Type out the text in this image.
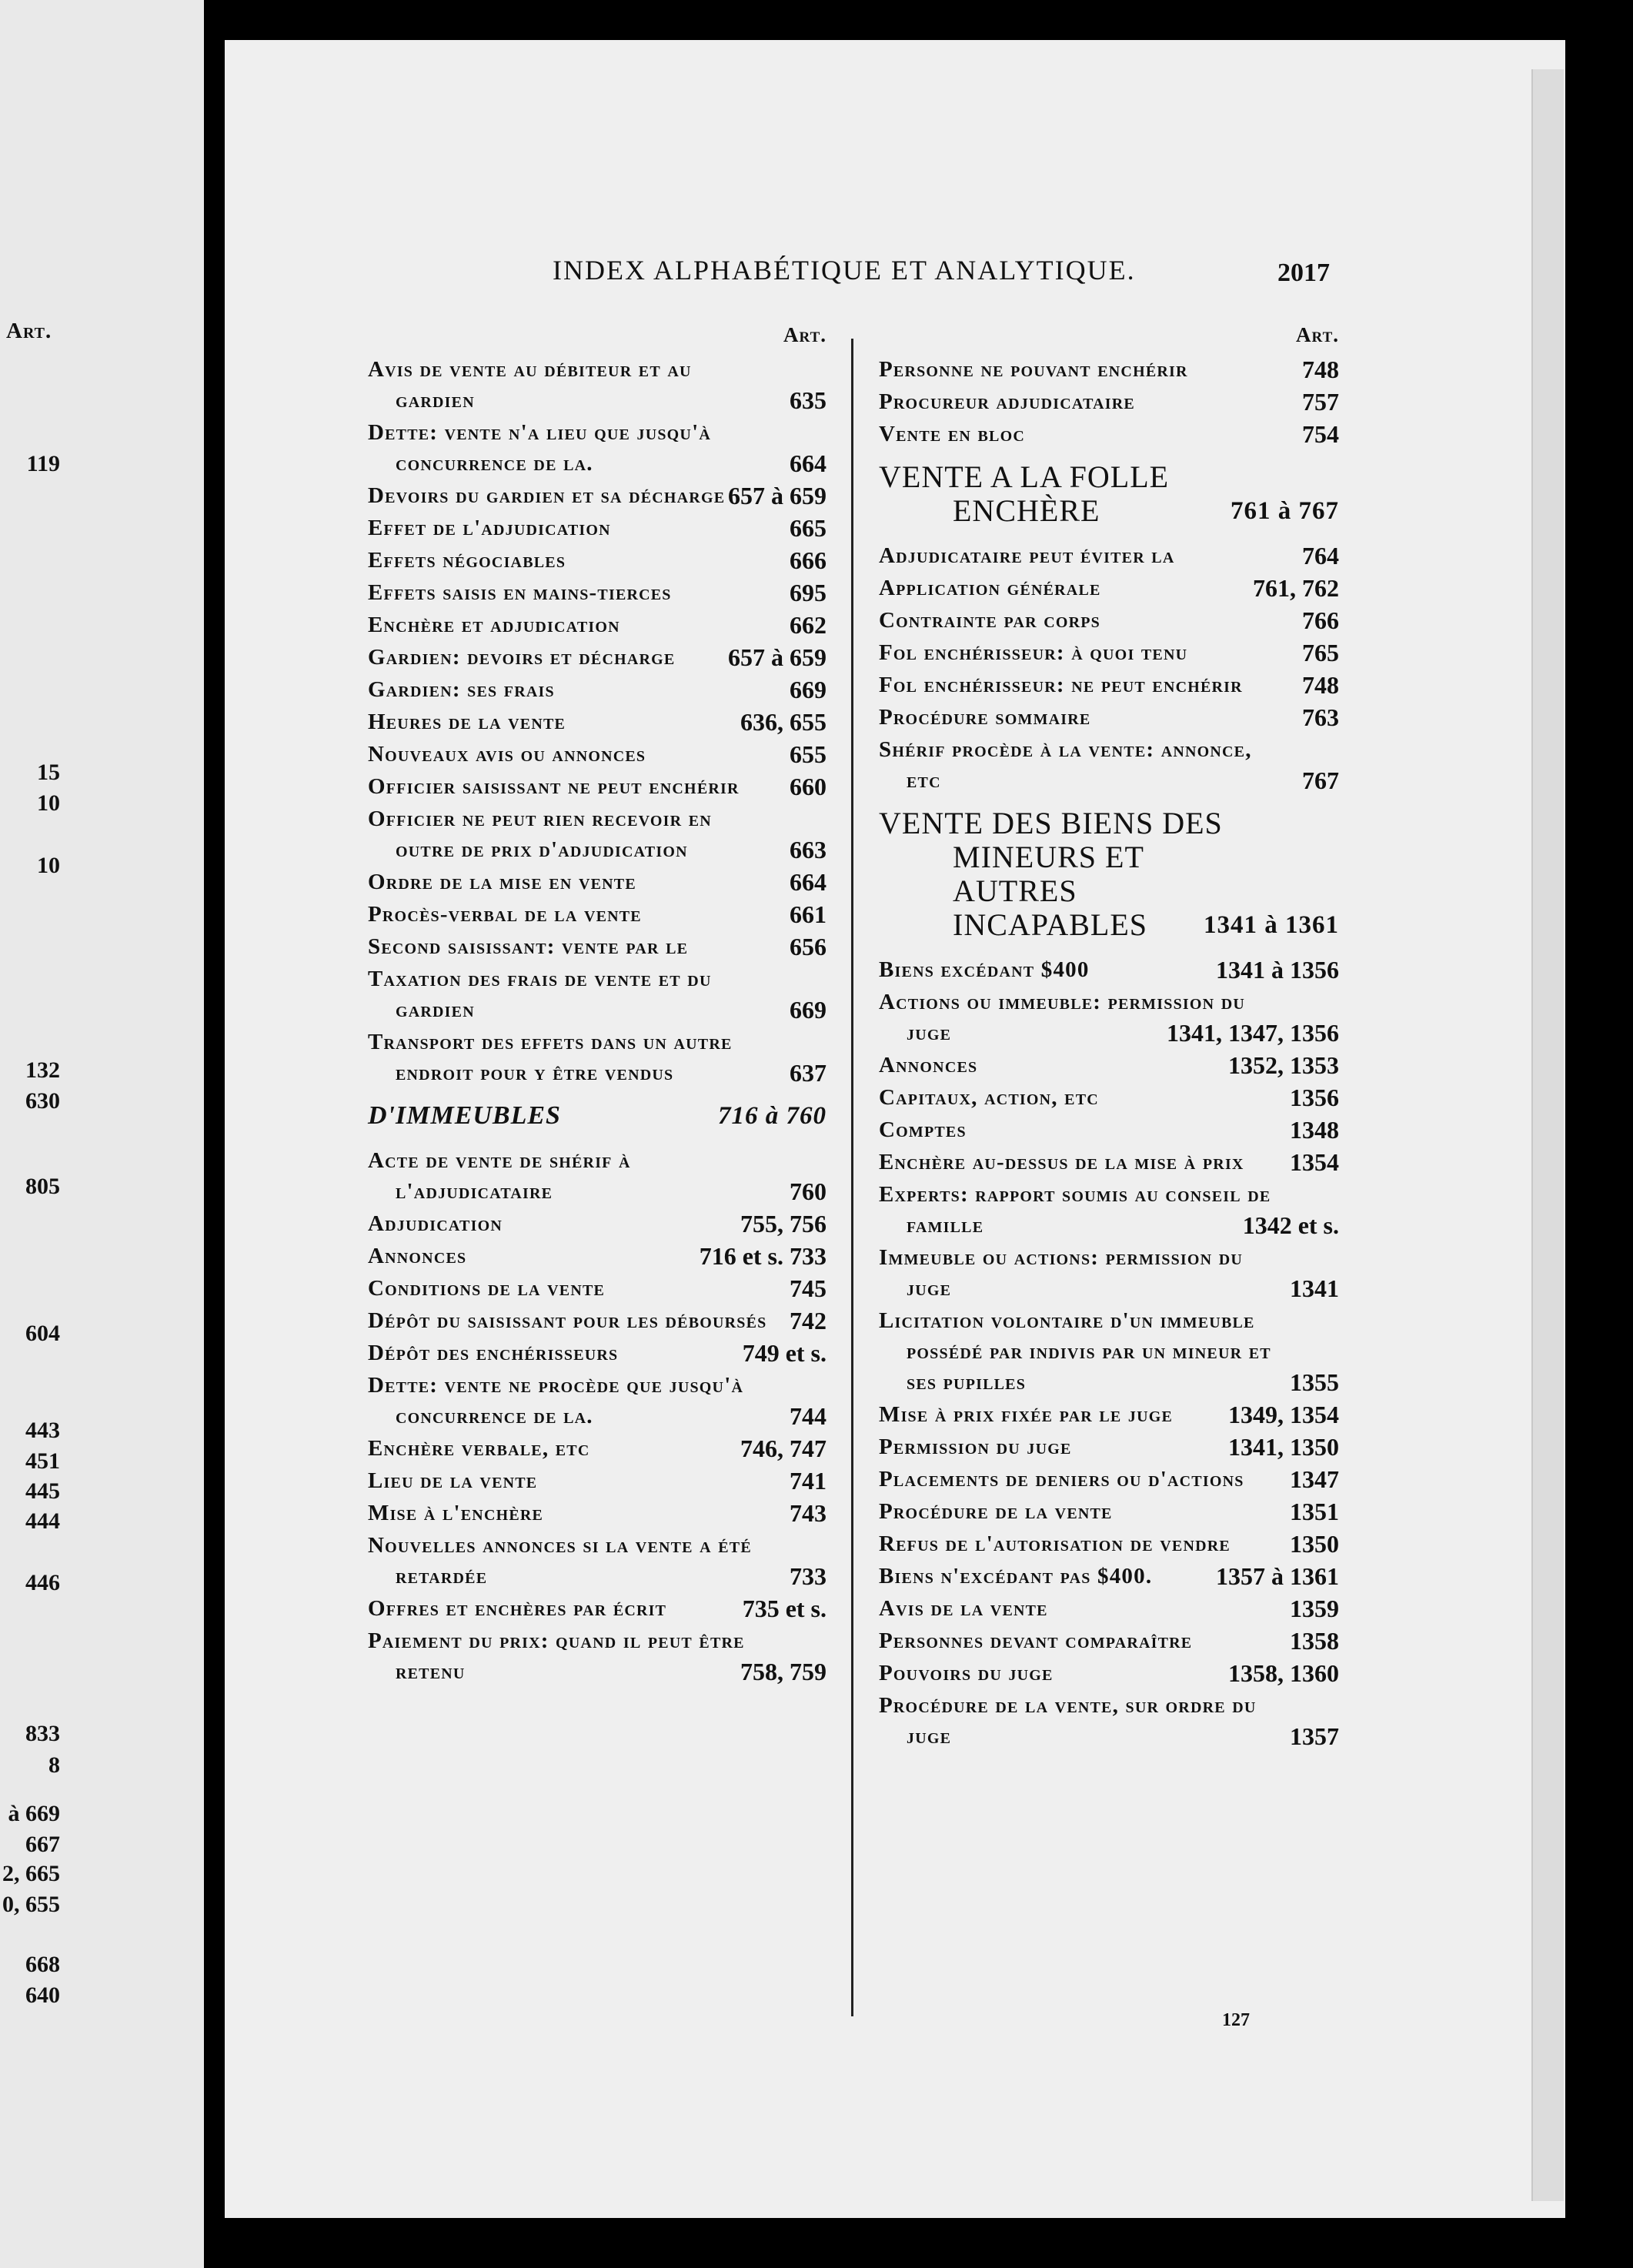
Art.
119
15
10
10
132
630
805
604
443
451
445
444
446
833
8
à 669
667
2, 665
0, 655
668
640
INDEX ALPHABÉTIQUE ET ANALYTIQUE.	2017
Art.
Avis de vente au débiteur et au gardien	635
Dette: vente n'a lieu que jusqu'à concurrence de la.	664
Devoirs du gardien et sa décharge 657 à 659
Effet de l'adjudication	665
Effets négociables	666
Effets saisis en mains-tierces	695
Enchère et adjudication	662
Gardien: devoirs et décharge	657 à 659
Gardien: ses frais	669
Heures de la vente	636, 655
Nouveaux avis ou annonces	655
Officier saisissant ne peut enchérir	660
Officier ne peut rien recevoir en outre de prix d'adjudication	663
Ordre de la mise en vente	664
Procès-verbal de la vente	661
Second saisissant: vente par le	656
Taxation des frais de vente et du gardien	669
Transport des effets dans un autre endroit pour y être vendus	637
D'IMMEUBLES	716 à 760
Acte de vente de shérif à l'adjudicataire	760
Adjudication	755, 756
Annonces	716 et s. 733
Conditions de la vente	745
Dépôt du saisissant pour les déboursés 742
Dépôt des enchérisseurs	749 et s.
Dette: vente ne procède que jusqu'à concurrence de la.	744
Enchère verbale, etc	746, 747
Lieu de la vente	741
Mise à l'enchère	743
Nouvelles annonces si la vente a été retardée	733
Offres et enchères par écrit	735 et s.
Paiement du prix: quand il peut être retenu	758, 759
Art.
Personne ne pouvant enchérir	748
Procureur adjudicataire	757
Vente en bloc	754
VENTE A LA FOLLE ENCHÈRE	761 à 767
Adjudicataire peut éviter la	764
Application générale	761, 762
Contrainte par corps	766
Fol enchérisseur: à quoi tenu	765
Fol enchérisseur: ne peut enchérir	748
Procédure sommaire	763
Shérif procède à la vente: annonce, etc	767
VENTE DES BIENS DES MINEURS ET AUTRES INCAPABLES	1341 à 1361
Biens excédant $400	1341 à 1356
Actions ou immeuble: permission du juge	1341, 1347, 1356
Annonces	1352, 1353
Capitaux, action, etc	1356
Comptes	1348
Enchère au-dessus de la mise à prix	1354
Experts: rapport soumis au conseil de famille	1342 et s.
Immeuble ou actions: permission du juge	1341
Licitation volontaire d'un immeuble possédé par indivis par un mineur et ses pupilles	1355
Mise à prix fixée par le juge	1349, 1354
Permission du juge	1341, 1350
Placements de deniers ou d'actions	1347
Procédure de la vente	1351
Refus de l'autorisation de vendre	1350
Biens n'excédant pas $400.	1357 à 1361
Avis de la vente	1359
Personnes devant comparaître	1358
Pouvoirs du juge	1358, 1360
Procédure de la vente, sur ordre du juge	1357
127
